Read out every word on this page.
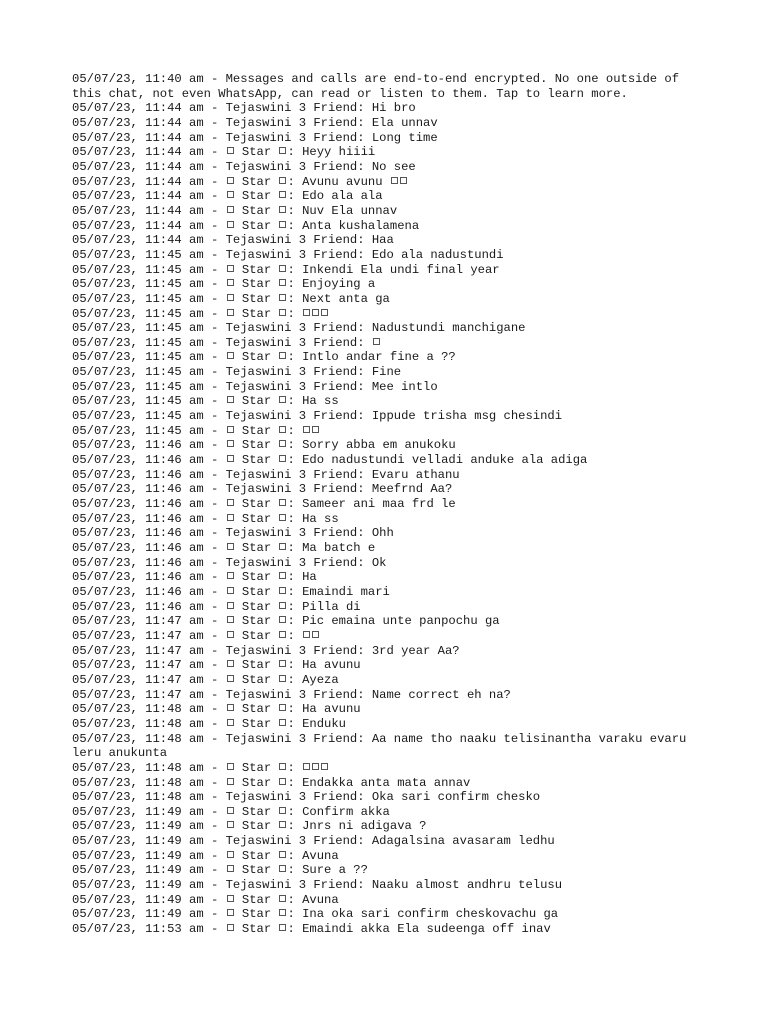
05/07/23, 11:40 am - Messages and calls are end-to-end encrypted. No one outside of this chat, not even WhatsApp, can read or listen to them. Tap to learn more.
05/07/23, 11:44 am - Tejaswini 3 Friend: Hi bro
05/07/23, 11:44 am - Tejaswini 3 Friend: Ela unnav
05/07/23, 11:44 am - Tejaswini 3 Friend: Long time
05/07/23, 11:44 am -  Star : Heyy hiiii
05/07/23, 11:44 am - Tejaswini 3 Friend: No see
05/07/23, 11:44 am -  Star : Avunu avunu
05/07/23, 11:44 am -  Star : Edo ala ala
05/07/23, 11:44 am -  Star : Nuv Ela unnav
05/07/23, 11:44 am -  Star : Anta kushalamena
05/07/23, 11:44 am - Tejaswini 3 Friend: Haa
05/07/23, 11:45 am - Tejaswini 3 Friend: Edo ala nadustundi
05/07/23, 11:45 am -  Star : Inkendi Ela undi final year
05/07/23, 11:45 am -  Star : Enjoying a
05/07/23, 11:45 am -  Star : Next anta ga
05/07/23, 11:45 am -  Star :
05/07/23, 11:45 am - Tejaswini 3 Friend: Nadustundi manchigane
05/07/23, 11:45 am - Tejaswini 3 Friend:
05/07/23, 11:45 am -  Star : Intlo andar fine a ??
05/07/23, 11:45 am - Tejaswini 3 Friend: Fine
05/07/23, 11:45 am - Tejaswini 3 Friend: Mee intlo
05/07/23, 11:45 am -  Star : Ha ss
05/07/23, 11:45 am - Tejaswini 3 Friend: Ippude trisha msg chesindi
05/07/23, 11:45 am -  Star :
05/07/23, 11:46 am -  Star : Sorry abba em anukoku
05/07/23, 11:46 am -  Star : Edo nadustundi velladi anduke ala adiga
05/07/23, 11:46 am - Tejaswini 3 Friend: Evaru athanu
05/07/23, 11:46 am - Tejaswini 3 Friend: Meefrnd Aa?
05/07/23, 11:46 am -  Star : Sameer ani maa frd le
05/07/23, 11:46 am -  Star : Ha ss
05/07/23, 11:46 am - Tejaswini 3 Friend: Ohh
05/07/23, 11:46 am -  Star : Ma batch e
05/07/23, 11:46 am - Tejaswini 3 Friend: Ok
05/07/23, 11:46 am -  Star : Ha
05/07/23, 11:46 am -  Star : Emaindi mari
05/07/23, 11:46 am -  Star : Pilla di
05/07/23, 11:47 am -  Star : Pic emaina unte panpochu ga
05/07/23, 11:47 am -  Star :
05/07/23, 11:47 am - Tejaswini 3 Friend: 3rd year Aa?
05/07/23, 11:47 am -  Star : Ha avunu
05/07/23, 11:47 am -  Star : Ayeza
05/07/23, 11:47 am - Tejaswini 3 Friend: Name correct eh na?
05/07/23, 11:48 am -  Star : Ha avunu
05/07/23, 11:48 am -  Star : Enduku
05/07/23, 11:48 am - Tejaswini 3 Friend: Aa name tho naaku telisinantha varaku evaru leru anukunta
05/07/23, 11:48 am -  Star :
05/07/23, 11:48 am -  Star : Endakka anta mata annav
05/07/23, 11:48 am - Tejaswini 3 Friend: Oka sari confirm chesko
05/07/23, 11:49 am -  Star : Confirm akka
05/07/23, 11:49 am -  Star : Jnrs ni adigava ?
05/07/23, 11:49 am - Tejaswini 3 Friend: Adagalsina avasaram ledhu
05/07/23, 11:49 am -  Star : Avuna
05/07/23, 11:49 am -  Star : Sure a ??
05/07/23, 11:49 am - Tejaswini 3 Friend: Naaku almost andhru telusu
05/07/23, 11:49 am -  Star : Avuna
05/07/23, 11:49 am -  Star : Ina oka sari confirm cheskovachu ga
05/07/23, 11:53 am -  Star : Emaindi akka Ela sudeenga off inav
